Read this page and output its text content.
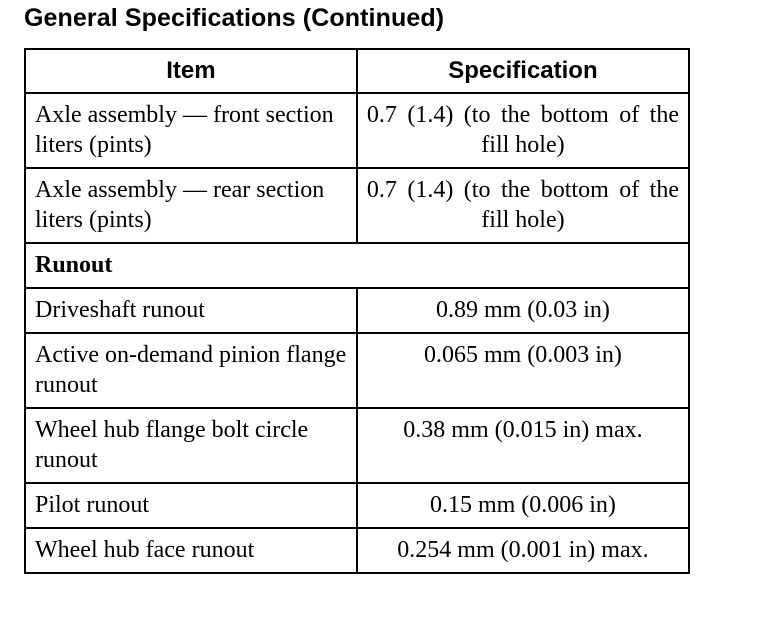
General Specifications (Continued)
Item	Specification
Axle assembly — front section liters (pints)	0.7 (1.4) (to the bottom of the fill hole)
Axle assembly — rear section liters (pints)	0.7 (1.4) (to the bottom of the fill hole)
Runout	
Driveshaft runout	0.89 mm (0.03 in)
Active on-demand pinion flange runout	0.065 mm (0.003 in)
Wheel hub flange bolt circle runout	0.38 mm (0.015 in) max.
Pilot runout	0.15 mm (0.006 in)
Wheel hub face runout	0.254 mm (0.001 in) max.
